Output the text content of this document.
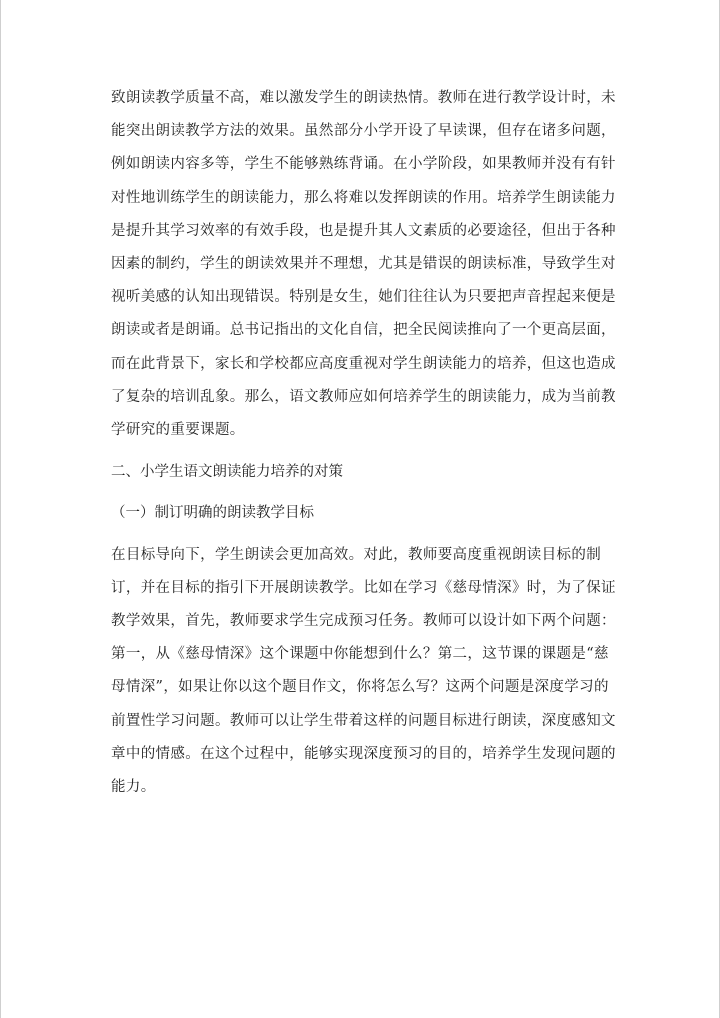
致朗读教学质量不高，难以激发学生的朗读热情。教师在进行教学设计时，未
能突出朗读教学方法的效果。虽然部分小学开设了早读课，但存在诸多问题，
例如朗读内容多等，学生不能够熟练背诵。在小学阶段，如果教师并没有有针
对性地训练学生的朗读能力，那么将难以发挥朗读的作用。培养学生朗读能力
是提升其学习效率的有效手段，也是提升其人文素质的必要途径，但出于各种
因素的制约，学生的朗读效果并不理想，尤其是错误的朗读标准，导致学生对
视听美感的认知出现错误。特别是女生，她们往往认为只要把声音捏起来便是
朗读或者是朗诵。总书记指出的文化自信，把全民阅读推向了一个更高层面，
而在此背景下，家长和学校都应高度重视对学生朗读能力的培养，但这也造成
了复杂的培训乱象。那么，语文教师应如何培养学生的朗读能力，成为当前教
学研究的重要课题。

二、小学生语文朗读能力培养的对策

（一）制订明确的朗读教学目标

在目标导向下，学生朗读会更加高效。对此，教师要高度重视朗读目标的制
订，并在目标的指引下开展朗读教学。比如在学习《慈母情深》时，为了保证
教学效果，首先，教师要求学生完成预习任务。教师可以设计如下两个问题：
第一，从《慈母情深》这个课题中你能想到什么？第二，这节课的课题是“慈
母情深”，如果让你以这个题目作文，你将怎么写？这两个问题是深度学习的
前置性学习问题。教师可以让学生带着这样的问题目标进行朗读，深度感知文
章中的情感。在这个过程中，能够实现深度预习的目的，培养学生发现问题的
能力。
